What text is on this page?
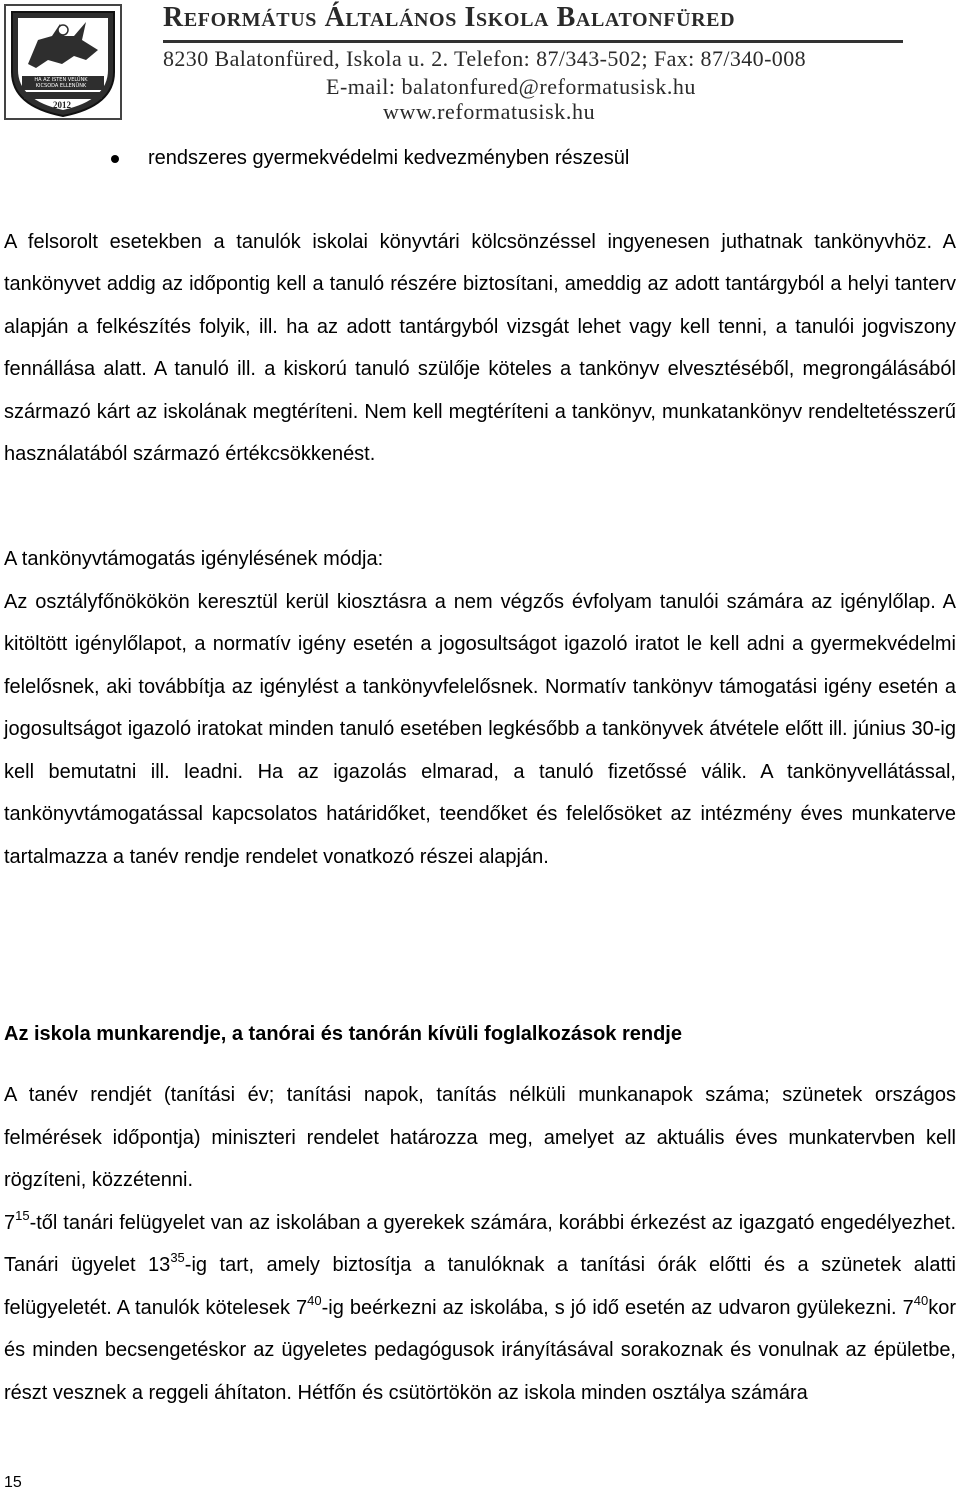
HA AZ ISTEN VELÜNK KICSODA ELLENÜNK
2012
Református Általános Iskola Balatonfüred
8230 Balatonfüred, Iskola u. 2. Telefon: 87/343-502; Fax: 87/340-008
E-mail: balatonfured@reformatusisk.hu
www.reformatusisk.hu
rendszeres gyermekvédelmi kedvezményben részesül

A felsorolt esetekben a tanulók iskolai könyvtári kölcsönzéssel ingyenesen juthatnak tankönyvhöz. A tankönyvet addig az időpontig kell a tanuló részére biztosítani, ameddig az adott tantárgyból a helyi tanterv alapján a felkészítés folyik, ill. ha az adott tantárgyból vizsgát lehet vagy kell tenni, a tanulói jogviszony fennállása alatt. A tanuló ill. a kiskorú tanuló szülője köteles a tankönyv elvesztéséből, megrongálásából származó kárt az iskolának megtéríteni. Nem kell megtéríteni a tankönyv, munkatankönyv rendeltetésszerű használatából származó értékcsökkenést.

A tankönyvtámogatás igénylésének módja:

Az osztályfőnökökön keresztül kerül kiosztásra a nem végzős évfolyam tanulói számára az igénylőlap. A kitöltött igénylőlapot, a normatív igény esetén a jogosultságot igazoló iratot le kell adni a gyermekvédelmi felelősnek, aki továbbítja az igénylést a tankönyvfelelősnek. Normatív tankönyv támogatási igény esetén a jogosultságot igazoló iratokat minden tanuló esetében legkésőbb a tankönyvek átvétele előtt ill. június 30-ig kell bemutatni ill. leadni. Ha az igazolás elmarad, a tanuló fizetőssé válik. A tankönyvellátással, tankönyvtámogatással kapcsolatos határidőket, teendőket és felelősöket az intézmény éves munkaterve tartalmazza a tanév rendje rendelet vonatkozó részei alapján.

Az iskola munkarendje, a tanórai és tanórán kívüli foglalkozások rendje

A tanév rendjét (tanítási év; tanítási napok, tanítás nélküli munkanapok száma; szünetek országos felmérések időpontja) miniszteri rendelet határozza meg, amelyet az aktuális éves munkatervben kell rögzíteni, közzétenni.

$7^{15}$-től tanári felügyelet van az iskolában a gyerekek számára, korábbi érkezést az igazgató engedélyezhet. Tanári ügyelet $13^{35}-ig$ tart, amely biztosítja a tanulóknak a tanítási órák előtti és a szünetek alatti felügyeletét. A tanulók kötelesek $7^{40}-ig$ beérkezni az iskolába, s jó idő esetén az udvaron gyülekezni. $7^{40}kor$ és minden becsengetéskor az ügyeletes pedagógusok irányításával sorakoznak és vonulnak az épületbe, részt vesznek a reggeli áhítaton. Hétfőn és csütörtökön az iskola minden osztálya számára

15
